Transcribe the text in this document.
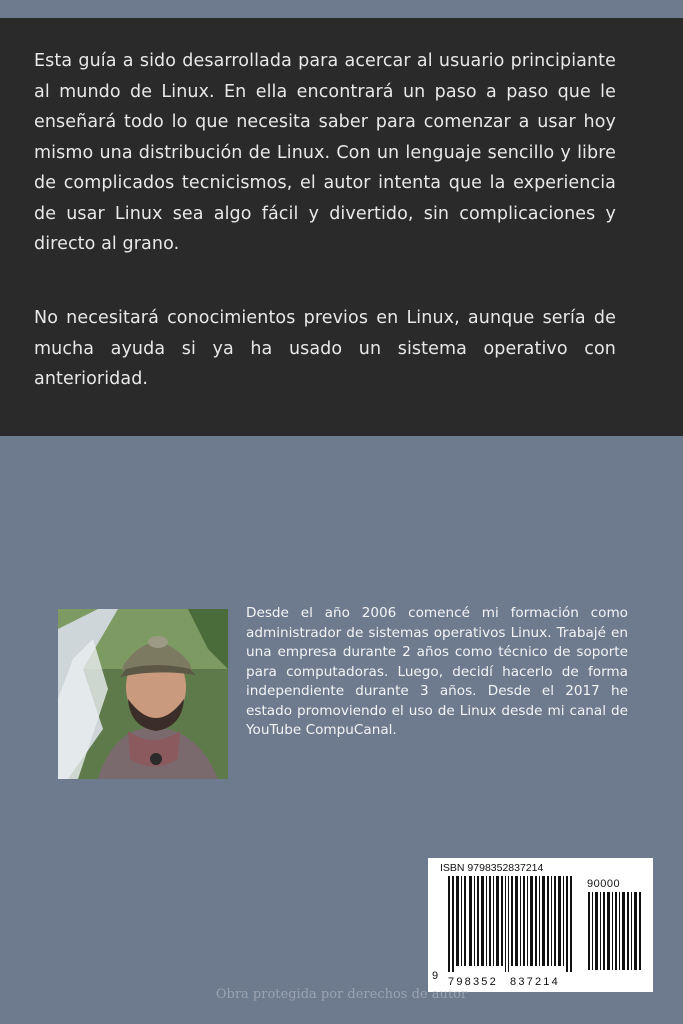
Esta guía a sido desarrollada para acercar al usuario principiante al mundo de Linux. En ella encontrará un paso a paso que le enseñará todo lo que necesita saber para comenzar a usar hoy mismo una distribución de Linux. Con un lenguaje sencillo y libre de complicados tecnicismos, el autor intenta que la experiencia de usar Linux sea algo fácil y divertido, sin complicaciones y directo al grano.

No necesitará conocimientos previos en Linux, aunque sería de mucha ayuda si ya ha usado un sistema operativo con anterioridad.

Desde el año 2006 comencé mi formación como administrador de sistemas operativos Linux. Trabajé en una empresa durante 2 años como técnico de soporte para computadoras. Luego, decidí hacerlo de forma independiente durante 3 años. Desde el 2017 he estado promoviendo el uso de Linux desde mi canal de YouTube CompuCanal.

ISBN 9798352837214
90000
9 798352 837214
Obra protegida por derechos de autor
